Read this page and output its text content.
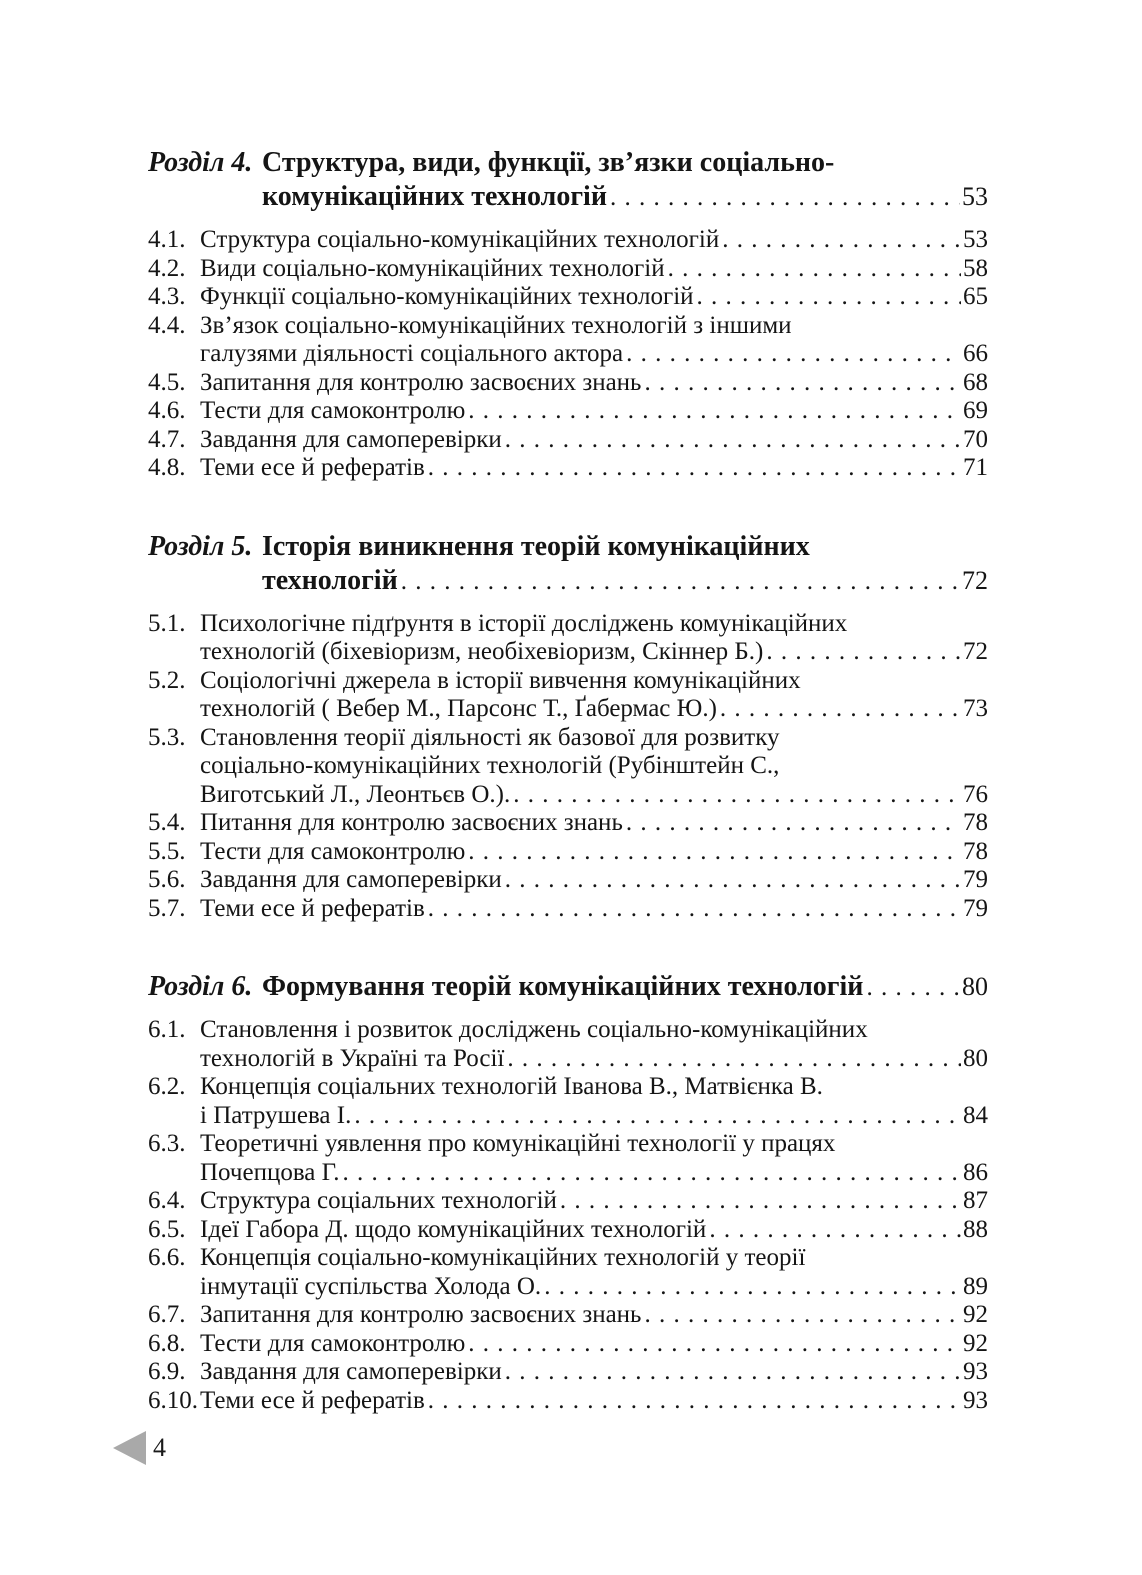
Розділ 4. Структура, види, функції, зв’язки соціально-
комунікаційних технологій . . .	53
4.1. Структура соціально-комунікаційних технологій . . .	53
4.2. Види соціально-комунікаційних технологій . . .	58
4.3. Функції соціально-комунікаційних технологій . . .	65
4.4. Зв’язок соціально-комунікаційних технологій з іншими
галузями діяльності соціального актора . . .	66
4.5. Запитання для контролю засвоєних знань . . .	68
4.6. Тести для самоконтролю . . .	69
4.7. Завдання для самоперевірки . . .	70
4.8. Теми есе й рефератів . . .	71
Розділ 5. Історія виникнення теорій комунікаційних
технологій . . .	72
5.1. Психологічне підґрунтя в історії досліджень комунікаційних
технологій (біхевіоризм, необіхевіоризм, Скіннер Б.) . . .	72
5.2. Соціологічні джерела в історії вивчення комунікаційних
технологій ( Вебер М., Парсонс Т., Ґабермас Ю.) . . .	73
5.3. Становлення теорії діяльності як базової для розвитку
соціально-комунікаційних технологій (Рубінштейн С.,
Виготський Л., Леонтьєв О.). . . .	76
5.4. Питання для контролю засвоєних знань . . .	78
5.5. Тести для самоконтролю . . .	78
5.6. Завдання для самоперевірки . . .	79
5.7. Теми есе й рефератів . . .	79
Розділ 6. Формування теорій комунікаційних технологій . . .	80
6.1. Становлення і розвиток досліджень соціально-комунікаційних
технологій в Україні та Росії . . .	80
6.2. Концепція соціальних технологій Іванова В., Матвієнка В.
і Патрушева І. . . .	84
6.3. Теоретичні уявлення про комунікаційні технології у працях
Почепцова Г. . . .	86
6.4. Структура соціальних технологій . . .	87
6.5. Ідеї Габора Д. щодо комунікаційних технологій . . .	88
6.6. Концепція соціально-комунікаційних технологій у теорії
інмутації суспільства Холода О. . . .	89
6.7. Запитання для контролю засвоєних знань . . .	92
6.8. Тести для самоконтролю . . .	92
6.9. Завдання для самоперевірки . . .	93
6.10. Теми есе й рефератів . . .	93
4
